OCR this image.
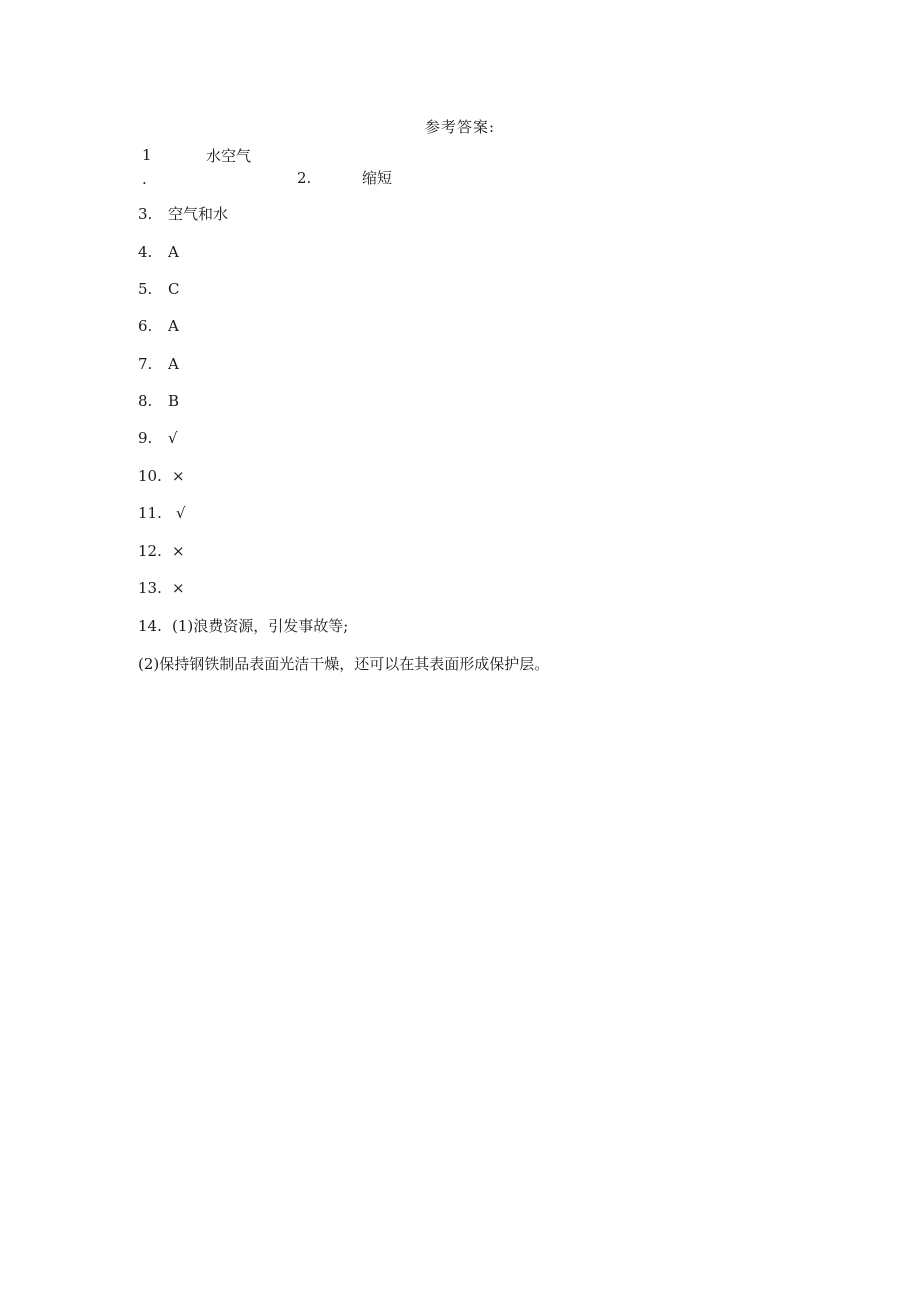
参考答案:
1
.
水空气
2.	缩短
3. 空气和水
4. A
5. C
6. A
7. A
8. B
9. √
10. ×
11. √
12. ×
13. ×
14. (1)浪费资源，引发事故等;
(2)保持钢铁制品表面光洁干燥，还可以在其表面形成保护层。
